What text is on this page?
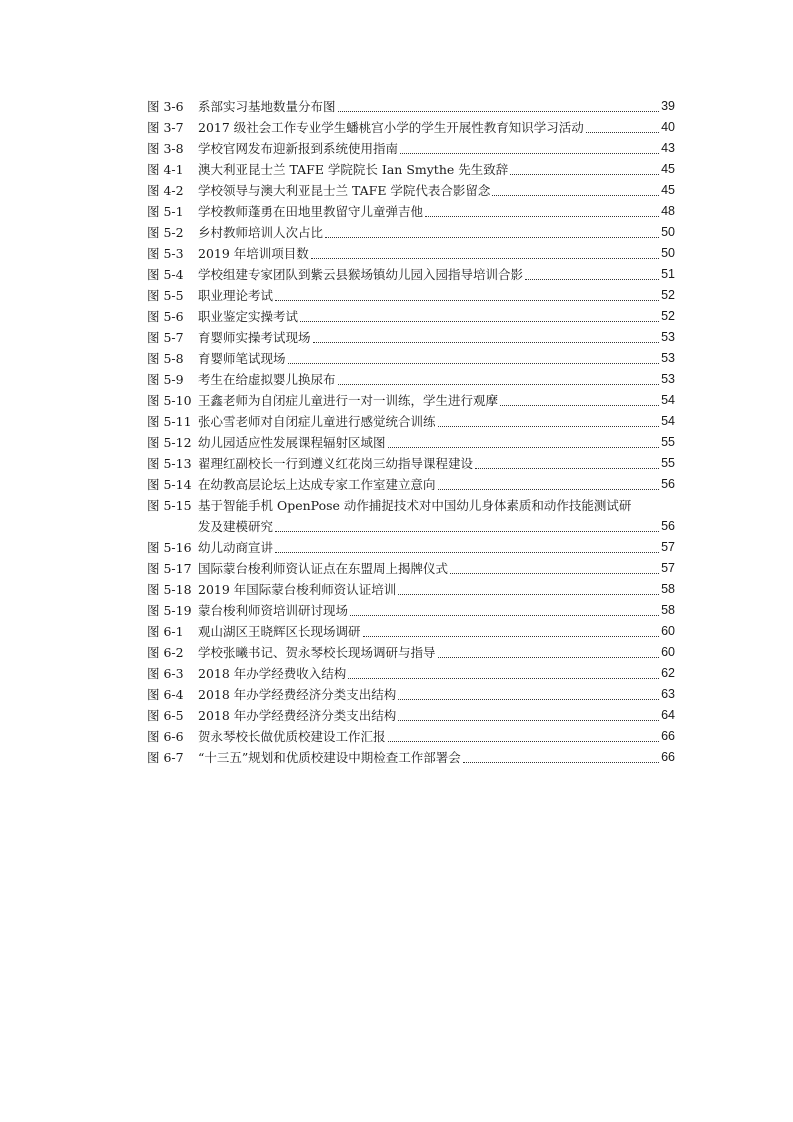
图 3-6	系部实习基地数量分布图	39
图 3-7	2017 级社会工作专业学生蟠桃宫小学的学生开展性教育知识学习活动	40
图 3-8	学校官网发布迎新报到系统使用指南	43
图 4-1	澳大利亚昆士兰 TAFE 学院院长 Ian Smythe 先生致辞	45
图 4-2	学校领导与澳大利亚昆士兰 TAFE 学院代表合影留念	45
图 5-1	学校教师蓬勇在田地里教留守儿童弹吉他	48
图 5-2	乡村教师培训人次占比	50
图 5-3	2019 年培训项目数	50
图 5-4	学校组建专家团队到紫云县猴场镇幼儿园入园指导培训合影	51
图 5-5	职业理论考试	52
图 5-6	职业鉴定实操考试	52
图 5-7	育婴师实操考试现场	53
图 5-8	育婴师笔试现场	53
图 5-9	考生在给虚拟婴儿换尿布	53
图 5-10 王鑫老师为自闭症儿童进行一对一训练，学生进行观摩	54
图 5-11 张心雪老师对自闭症儿童进行感觉统合训练	54
图 5-12 幼儿园适应性发展课程辐射区域图	55
图 5-13 翟理红副校长一行到遵义红花岗三幼指导课程建设	55
图 5-14 在幼教高层论坛上达成专家工作室建立意向	56
图 5-15 基于智能手机 OpenPose 动作捕捉技术对中国幼儿身体素质和动作技能测试研
发及建模研究	56
图 5-16 幼儿动商宣讲	57
图 5-17 国际蒙台梭利师资认证点在东盟周上揭牌仪式	57
图 5-18 2019 年国际蒙台梭利师资认证培训	58
图 5-19 蒙台梭利师资培训研讨现场	58
图 6-1	观山湖区王晓辉区长现场调研	60
图 6-2	学校张曦书记、贺永琴校长现场调研与指导	60
图 6-3	2018 年办学经费收入结构	62
图 6-4	2018 年办学经费经济分类支出结构	63
图 6-5	2018 年办学经费经济分类支出结构	64
图 6-6	贺永琴校长做优质校建设工作汇报	66
图 6-7	“十三五”规划和优质校建设中期检查工作部署会	66
